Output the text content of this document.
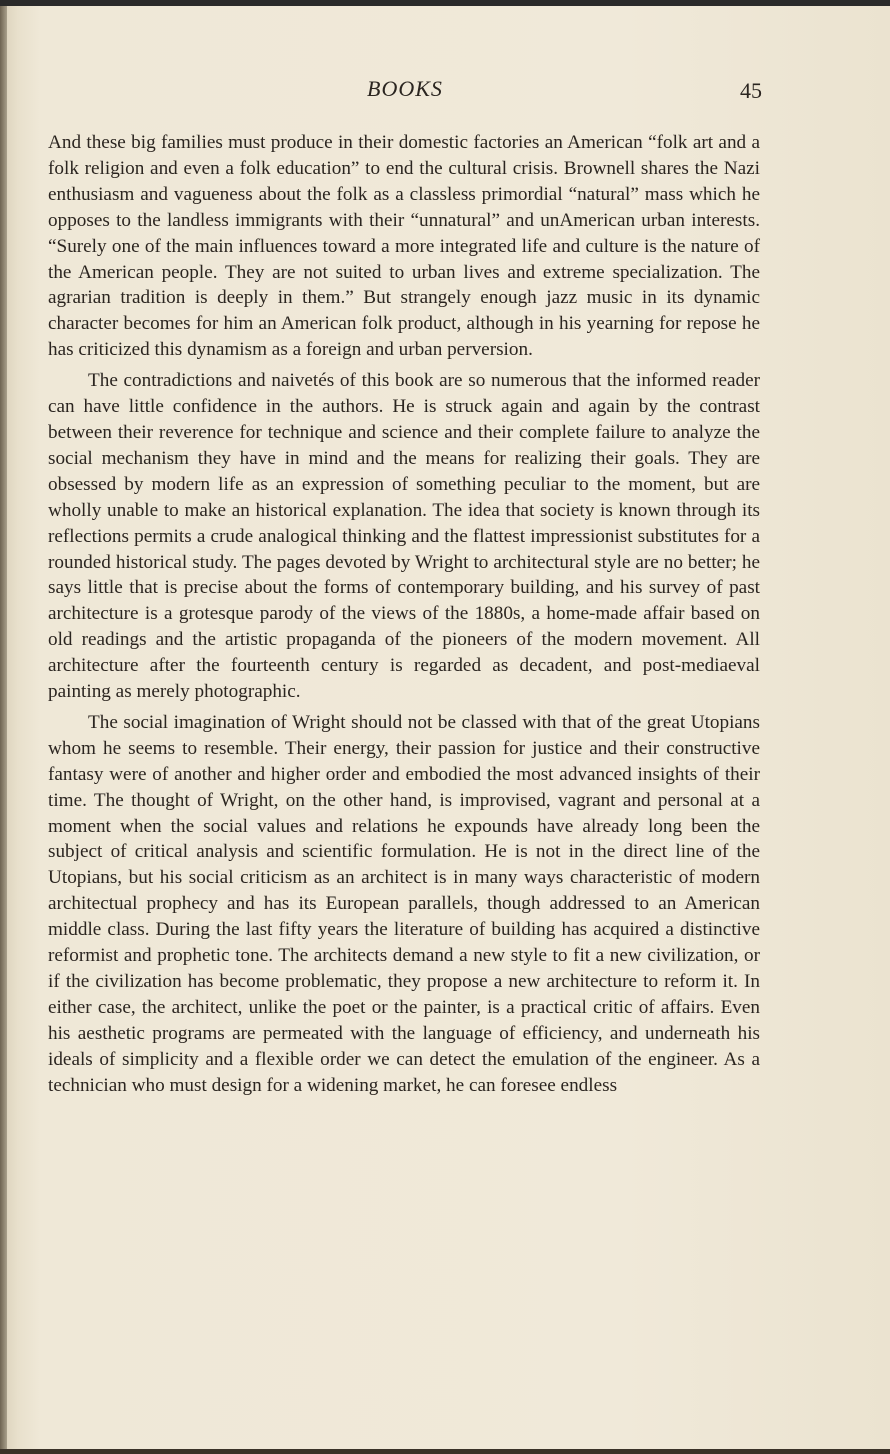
BOOKS	45

And these big families must produce in their domestic factories an American “folk art and a folk religion and even a folk education” to end the cultural crisis. Brownell shares the Nazi enthusiasm and vagueness about the folk as a classless primordial “natural” mass which he opposes to the landless immigrants with their “unnatural” and unAmerican urban interests. “Surely one of the main influences toward a more integrated life and culture is the nature of the American people. They are not suited to urban lives and extreme specialization. The agrarian tradition is deeply in them.” But strangely enough jazz music in its dynamic character becomes for him an American folk product, although in his yearning for repose he has criticized this dynamism as a foreign and urban perversion.

The contradictions and naivetés of this book are so numerous that the informed reader can have little confidence in the authors. He is struck again and again by the contrast between their reverence for technique and science and their complete failure to analyze the social mechanism they have in mind and the means for realizing their goals. They are obsessed by modern life as an expression of something peculiar to the moment, but are wholly unable to make an historical explanation. The idea that society is known through its reflections permits a crude analogical thinking and the flattest impressionist substitutes for a rounded historical study. The pages devoted by Wright to architectural style are no better; he says little that is precise about the forms of contemporary building, and his survey of past architecture is a grotesque parody of the views of the 1880s, a home-made affair based on old readings and the artistic propaganda of the pioneers of the modern movement. All architecture after the fourteenth century is regarded as decadent, and post-mediaeval painting as merely photographic.

The social imagination of Wright should not be classed with that of the great Utopians whom he seems to resemble. Their energy, their passion for justice and their constructive fantasy were of another and higher order and embodied the most advanced insights of their time. The thought of Wright, on the other hand, is improvised, vagrant and personal at a moment when the social values and relations he expounds have already long been the subject of critical analysis and scientific formulation. He is not in the direct line of the Utopians, but his social criticism as an architect is in many ways characteristic of modern architectual prophecy and has its European parallels, though addressed to an American middle class. During the last fifty years the literature of building has acquired a distinctive reformist and prophetic tone. The architects demand a new style to fit a new civilization, or if the civilization has become problematic, they propose a new architecture to reform it. In either case, the architect, unlike the poet or the painter, is a practical critic of affairs. Even his aesthetic programs are permeated with the language of efficiency, and underneath his ideals of simplicity and a flexible order we can detect the emulation of the engineer. As a technician who must design for a widening market, he can foresee endless
